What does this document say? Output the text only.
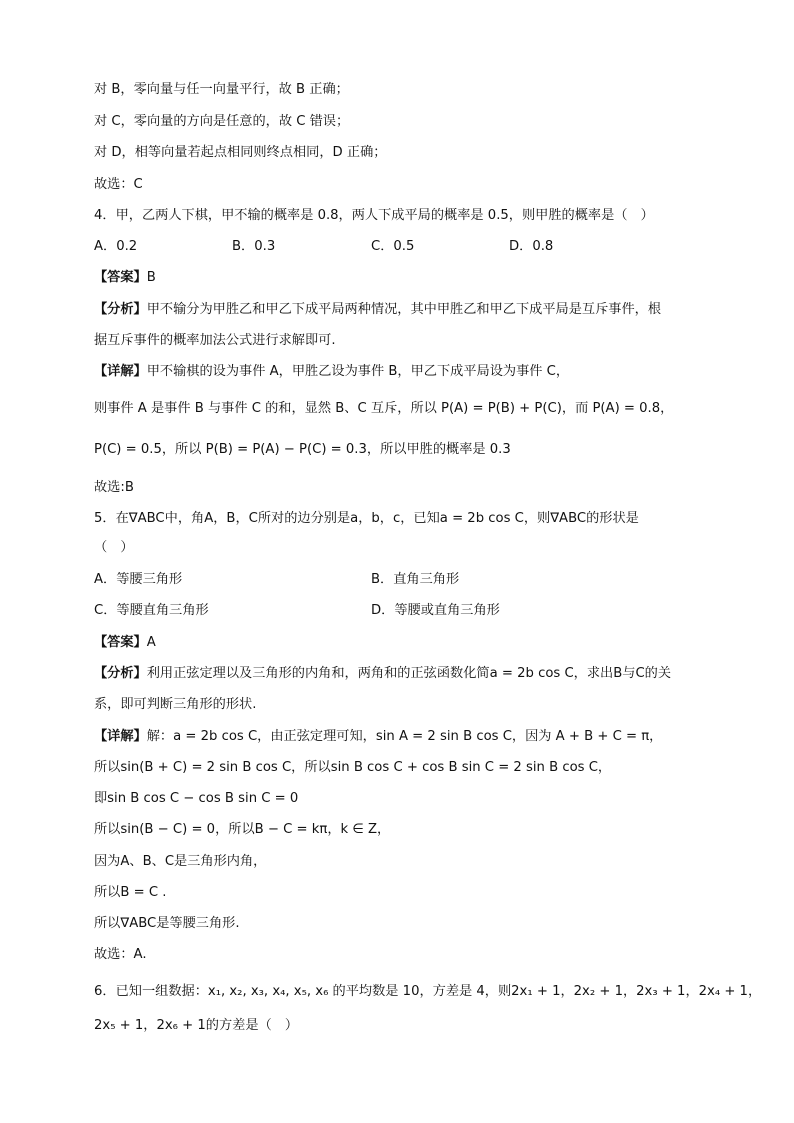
对 B，零向量与任一向量平行，故 B 正确；
对 C，零向量的方向是任意的，故 C 错误；
对 D，相等向量若起点相同则终点相同，D 正确；
故选：C
4．甲，乙两人下棋，甲不输的概率是 0.8，两人下成平局的概率是 0.5，则甲胜的概率是（　）
A．0.2	B．0.3	C．0.5	D．0.8
【答案】B
【分析】甲不输分为甲胜乙和甲乙下成平局两种情况，其中甲胜乙和甲乙下成平局是互斥事件，根
据互斥事件的概率加法公式进行求解即可.
【详解】甲不输棋的设为事件 A，甲胜乙设为事件 B，甲乙下成平局设为事件 C，
则事件 A 是事件 B 与事件 C 的和，显然 B、C 互斥，所以 P(A) = P(B) + P(C)，而 P(A) = 0.8，
P(C) = 0.5，所以 P(B) = P(A) − P(C) = 0.3，所以甲胜的概率是 0.3
故选:B
5．在∇ABC中，角A，B，C所对的边分别是a，b，c，已知a = 2b cos C，则∇ABC的形状是
（　）
A．等腰三角形	B．直角三角形
C．等腰直角三角形	D．等腰或直角三角形
【答案】A
【分析】利用正弦定理以及三角形的内角和，两角和的正弦函数化简a = 2b cos C，求出B与C的关
系，即可判断三角形的形状.
【详解】解：a = 2b cos C，由正弦定理可知，sin A = 2 sin B cos C，因为 A + B + C = π，
所以sin(B + C) = 2 sin B cos C，所以sin B cos C + cos B sin C = 2 sin B cos C，
即sin B cos C − cos B sin C = 0
所以sin(B − C) = 0，所以B − C = kπ，k ∈ Z，
因为A、B、C是三角形内角，
所以B = C .
所以∇ABC是等腰三角形.
故选：A.
6．已知一组数据：x₁, x₂, x₃, x₄, x₅, x₆ 的平均数是 10，方差是 4，则2x₁ + 1，2x₂ + 1，2x₃ + 1，2x₄ + 1，
2x₅ + 1，2x₆ + 1的方差是（　）
